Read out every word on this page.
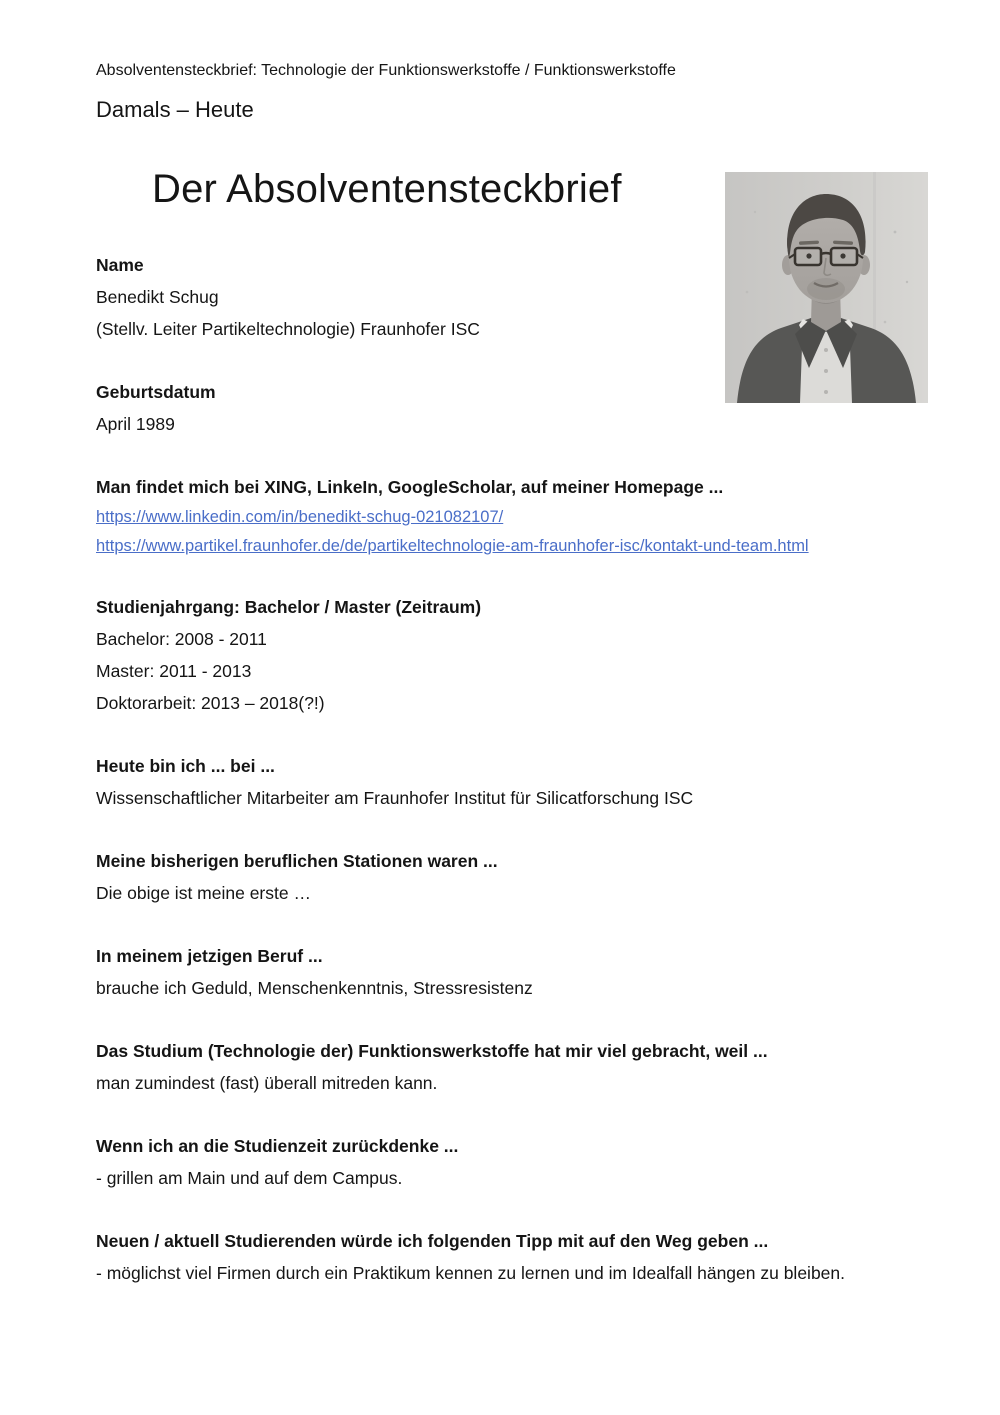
Absolventensteckbrief: Technologie der Funktionswerkstoffe / Funktionswerkstoffe

Damals – Heute

Der Absolventensteckbrief

Name

Benedikt Schug

(Stellv. Leiter Partikeltechnologie) Fraunhofer ISC

Geburtsdatum

April 1989

Man findet mich bei XING, LinkeIn, GoogleScholar, auf meiner Homepage ...

https://www.linkedin.com/in/benedikt-schug-021082107/
https://www.partikel.fraunhofer.de/de/partikeltechnologie-am-fraunhofer-isc/kontakt-und-team.html

Studienjahrgang: Bachelor / Master (Zeitraum)

Bachelor: 2008 - 2011

Master: 2011 - 2013

Doktorarbeit: 2013 – 2018(?!)

Heute bin ich ... bei ...

Wissenschaftlicher Mitarbeiter am Fraunhofer Institut für Silicatforschung ISC

Meine bisherigen beruflichen Stationen waren ...

Die obige ist meine erste …

In meinem jetzigen Beruf ...

brauche ich Geduld, Menschenkenntnis, Stressresistenz

Das Studium (Technologie der) Funktionswerkstoffe hat mir viel gebracht, weil ...

man zumindest (fast) überall mitreden kann.

Wenn ich an die Studienzeit zurückdenke ...

- grillen am Main und auf dem Campus.

Neuen / aktuell Studierenden würde ich folgenden Tipp mit auf den Weg geben ...

- möglichst viel Firmen durch ein Praktikum kennen zu lernen und im Idealfall hängen zu bleiben.
